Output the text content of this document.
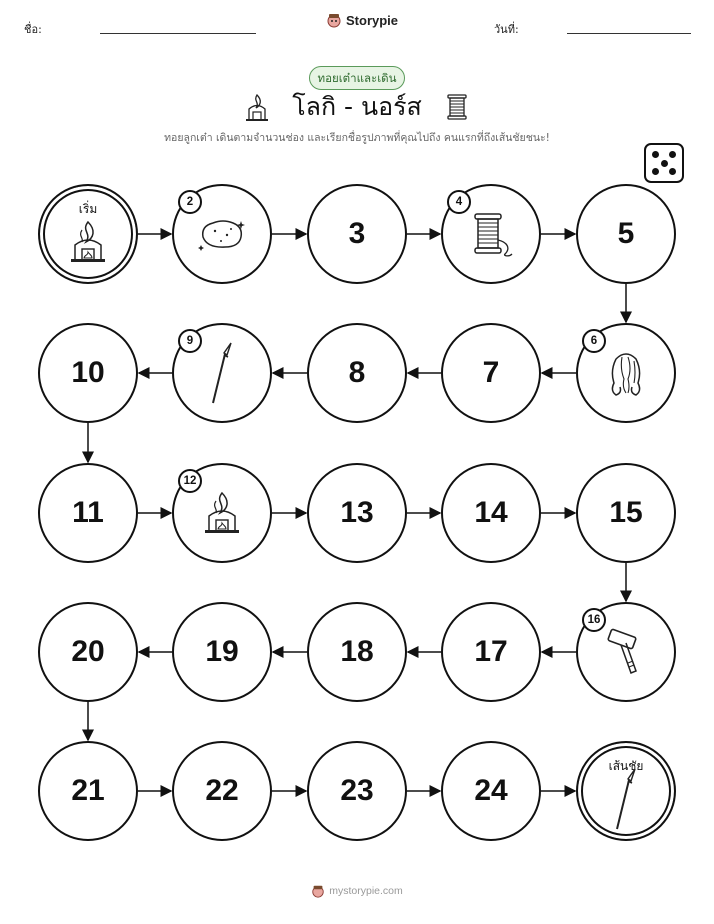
ชื่อ:
Storypie
วันที่:
ทอยเต๋าและเดิน
โลกิ - นอร์ส
ทอยลูกเต๋า เดินตามจำนวนช่อง และเรียกชื่อรูปภาพที่คุณไปถึง คนแรกที่ถึงเส้นชัยชนะ!
เริ่ม	2
3
4
5
6
7
8
9
10
11
12
13	14	15
16
17
18
19
20
21	22	23	24
เส้นชัย
mystorypie.com
